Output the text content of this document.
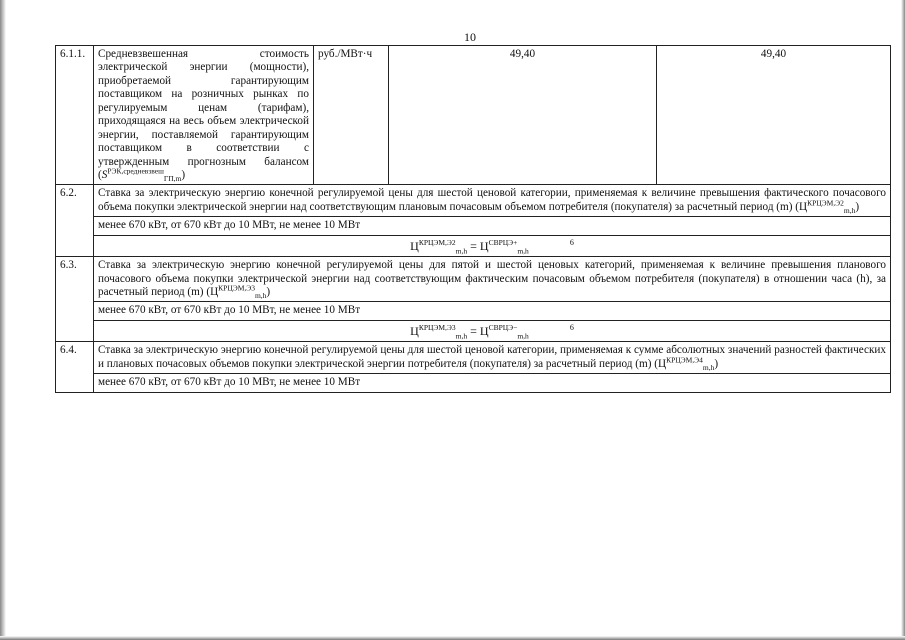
10
6.1.1.	Средневзвешенная стоимость электрической энергии (мощности), приобретаемой гарантирующим поставщиком на розничных рынках по регулируемым ценам (тарифам), приходящаяся на весь объем электрической энергии, поставляемой гарантирующим поставщиком в соответствии с утвержденным прогнозным балансом $(S^{РЭК,средневзвеш}_{ГП,m})$	руб./МВт·ч	49,40	49,40
6.2.	Ставка за электрическую энергию конечной регулируемой цены для шестой ценовой категории, применяемая к величине превышения фактического почасового объема покупки электрической энергии над соответствующим плановым почасовым объемом потребителя (покупателя) за расчетный период (m) $(Ц^{КРЦЭМ,Э2}_{m,h})$			
	менее 670 кВт, от 670 кВт до 10 МВт, не менее 10 МВт			
	$Ц^{КРЦЭМ,Э2}_{m,h} = Ц^{СВРЦЭ+}_{m,h}$ 6			
6.3.	Ставка за электрическую энергию конечной регулируемой цены для пятой и шестой ценовых категорий, применяемая к величине превышения планового почасового объема покупки электрической энергии над соответствующим фактическим почасовым объемом потребителя (покупателя) в отношении часа (h), за расчетный период (m) $(Ц^{КРЦЭМ,Э3}_{m,h})$			
	менее 670 кВт, от 670 кВт до 10 МВт, не менее 10 МВт			
	$Ц^{КРЦЭМ,Э3}_{m,h} = Ц^{СВРЦЭ-}_{m,h}$ 6			
6.4.	Ставка за электрическую энергию конечной регулируемой цены для шестой ценовой категории, применяемая к сумме абсолютных значений разностей фактических и плановых почасовых объемов покупки электрической энергии потребителя (покупателя) за расчетный период (m) $(Ц^{КРЦЭМ,Э4}_{m,h})$			
	менее 670 кВт, от 670 кВт до 10 МВт, не менее 10 МВт			
